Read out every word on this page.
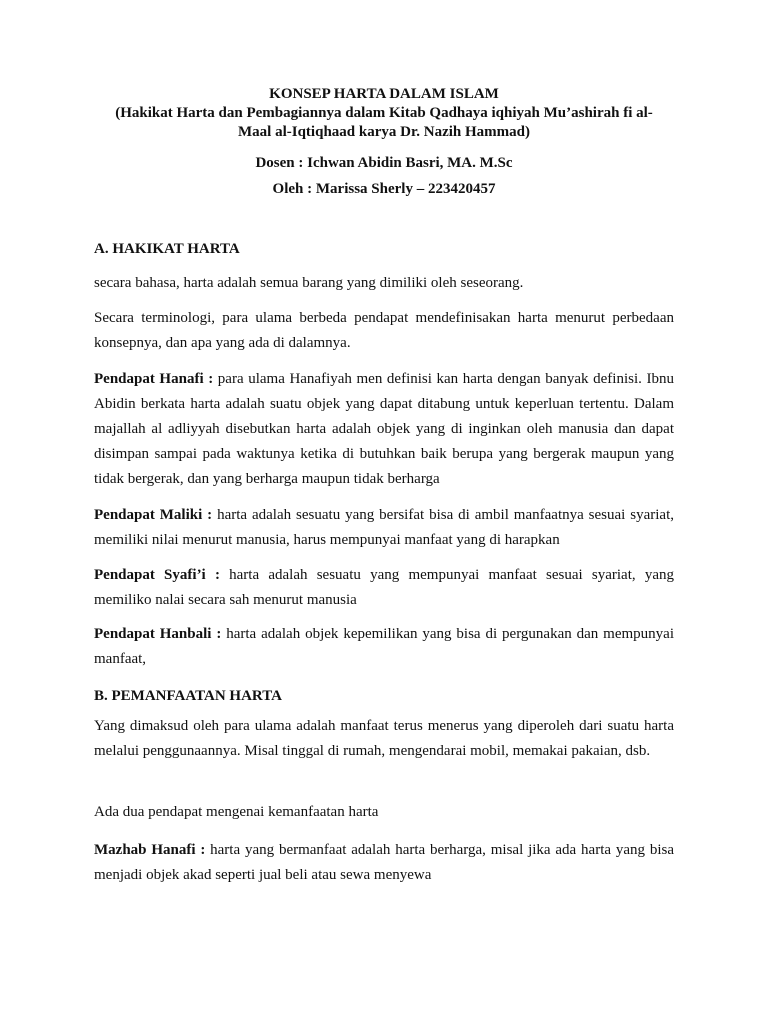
KONSEP HARTA DALAM ISLAM
(Hakikat Harta dan Pembagiannya dalam Kitab Qadhaya iqhiyah Mu’ashirah fi al-
Maal al-Iqtiqhaad karya Dr. Nazih Hammad)
Dosen : Ichwan Abidin Basri, MA. M.Sc
Oleh : Marissa Sherly – 223420457
A. HAKIKAT HARTA

secara bahasa, harta adalah semua barang yang dimiliki oleh seseorang.

Secara terminologi, para ulama berbeda pendapat mendefinisakan harta menurut perbedaan konsepnya, dan apa yang ada di dalamnya.

Pendapat Hanafi : para ulama Hanafiyah men definisi kan harta dengan banyak definisi. Ibnu Abidin berkata harta adalah suatu objek yang dapat ditabung untuk keperluan tertentu. Dalam majallah al adliyyah disebutkan harta adalah objek yang di inginkan oleh manusia dan dapat disimpan sampai pada waktunya ketika di butuhkan baik berupa yang bergerak maupun yang tidak bergerak, dan yang berharga maupun tidak berharga

Pendapat Maliki : harta adalah sesuatu yang bersifat bisa di ambil manfaatnya sesuai syariat, memiliki nilai menurut manusia, harus mempunyai manfaat yang di harapkan

Pendapat Syafi’i : harta adalah sesuatu yang mempunyai manfaat sesuai syariat, yang memiliko nalai secara sah menurut manusia

Pendapat Hanbali : harta adalah objek kepemilikan yang bisa di pergunakan dan mempunyai manfaat,

B. PEMANFAATAN HARTA

Yang dimaksud oleh para ulama adalah manfaat terus menerus yang diperoleh dari suatu harta melalui penggunaannya. Misal tinggal di rumah, mengendarai mobil, memakai pakaian, dsb.

Ada dua pendapat mengenai kemanfaatan harta

Mazhab Hanafi : harta yang bermanfaat adalah harta berharga, misal jika ada harta yang bisa menjadi objek akad seperti jual beli atau sewa menyewa
